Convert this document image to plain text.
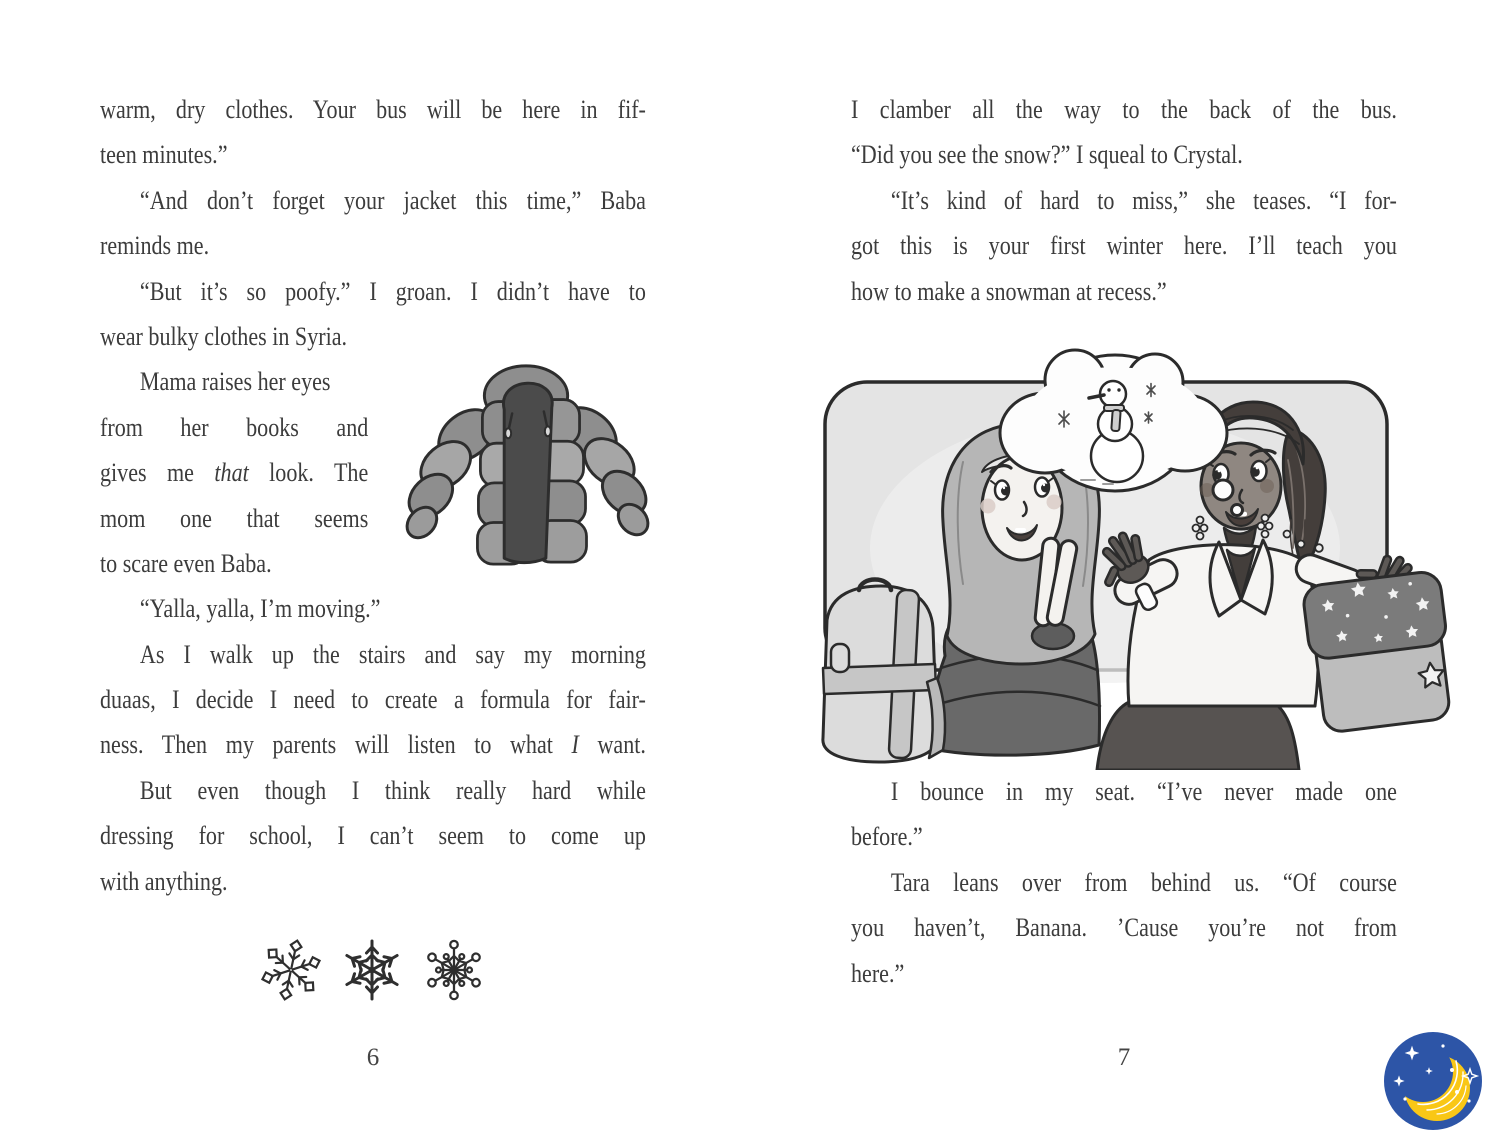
warm, dry clothes. Your bus will be here in fif-
teen minutes.”
“And don’t forget your jacket this time,” Baba
reminds me.
“But it’s so poofy.” I groan. I didn’t have to
wear bulky clothes in Syria.
Mama raises her eyes
from her books and
gives me that look. The
mom one that seems
to scare even Baba.
“Yalla, yalla, I’m moving.”
As I walk up the stairs and say my morning
duaas, I decide I need to create a formula for fair-
ness. Then my parents will listen to what I want.
But even though I think really hard while
dressing for school, I can’t seem to come up
with anything.
6
I clamber all the way to the back of the bus.
“Did you see the snow?” I squeal to Crystal.
“It’s kind of hard to miss,” she teases. “I for-
got this is your first winter here. I’ll teach you
how to make a snowman at recess.”
I bounce in my seat. “I’ve never made one
before.”
Tara leans over from behind us. “Of course
you haven’t, Banana. ’Cause you’re not from
here.”
7
